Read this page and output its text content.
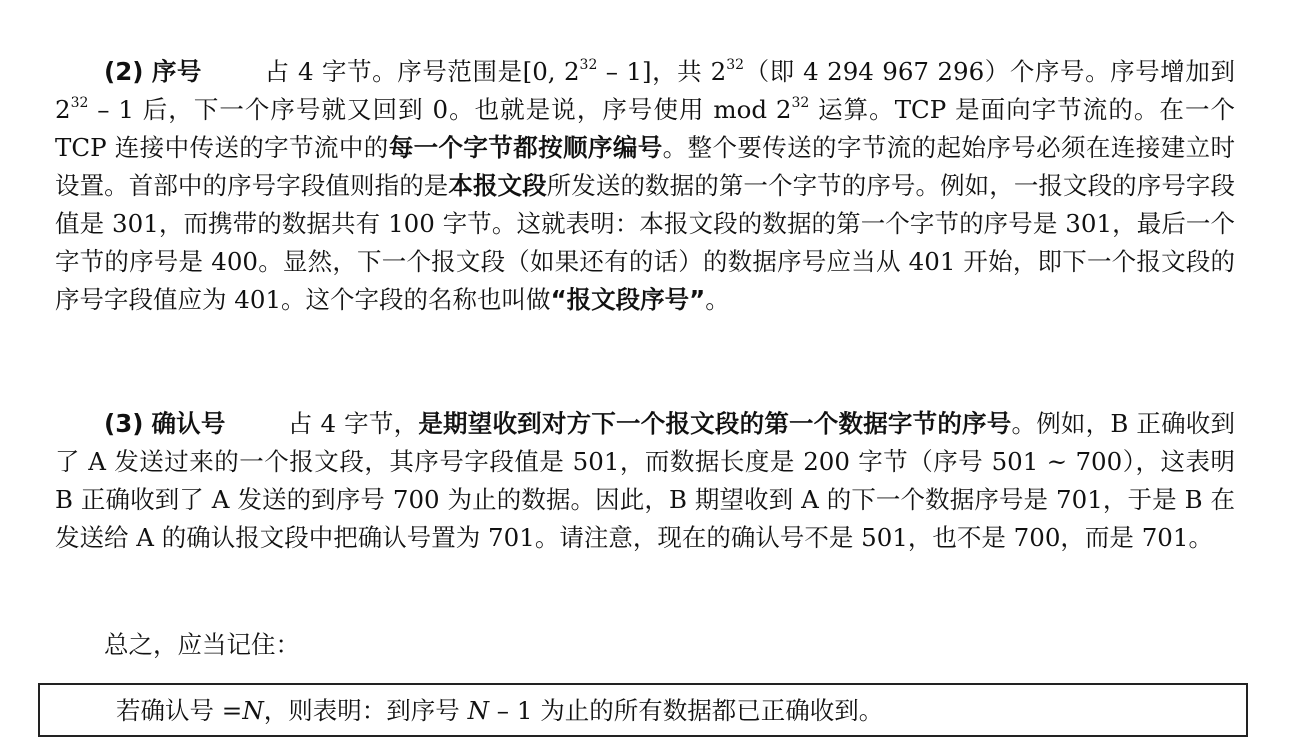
(2) 序号	占 4 字节。序号范围是[0, $2^{32} - 1$]，共 $2^{32}$（即 4 294 967 296）个序号。序号增加到 $2^{32} - 1$ 后，下一个序号就又回到 0。也就是说，序号使用 mod $2^{32}$ 运算。TCP 是面向字节流的。在一个 TCP 连接中传送的字节流中的每一个字节都按顺序编号。整个要传送的字节流的起始序号必须在连接建立时设置。首部中的序号字段值则指的是本报文段所发送的数据的第一个字节的序号。例如，一报文段的序号字段值是 301，而携带的数据共有 100 字节。这就表明：本报文段的数据的第一个字节的序号是 301，最后一个字节的序号是 400。显然，下一个报文段（如果还有的话）的数据序号应当从 401 开始，即下一个报文段的序号字段值应为 401。这个字段的名称也叫做“报文段序号”。

(3) 确认号	占 4 字节，是期望收到对方下一个报文段的第一个数据字节的序号。例如，B 正确收到了 A 发送过来的一个报文段，其序号字段值是 501，而数据长度是 200 字节（序号 501 ~ 700），这表明 B 正确收到了 A 发送的到序号 700 为止的数据。因此，B 期望收到 A 的下一个数据序号是 701，于是 B 在发送给 A 的确认报文段中把确认号置为 701。请注意，现在的确认号不是 501，也不是 700，而是 701。

总之，应当记住：

若确认号 =N，则表明：到序号 N – 1 为止的所有数据都已正确收到。
